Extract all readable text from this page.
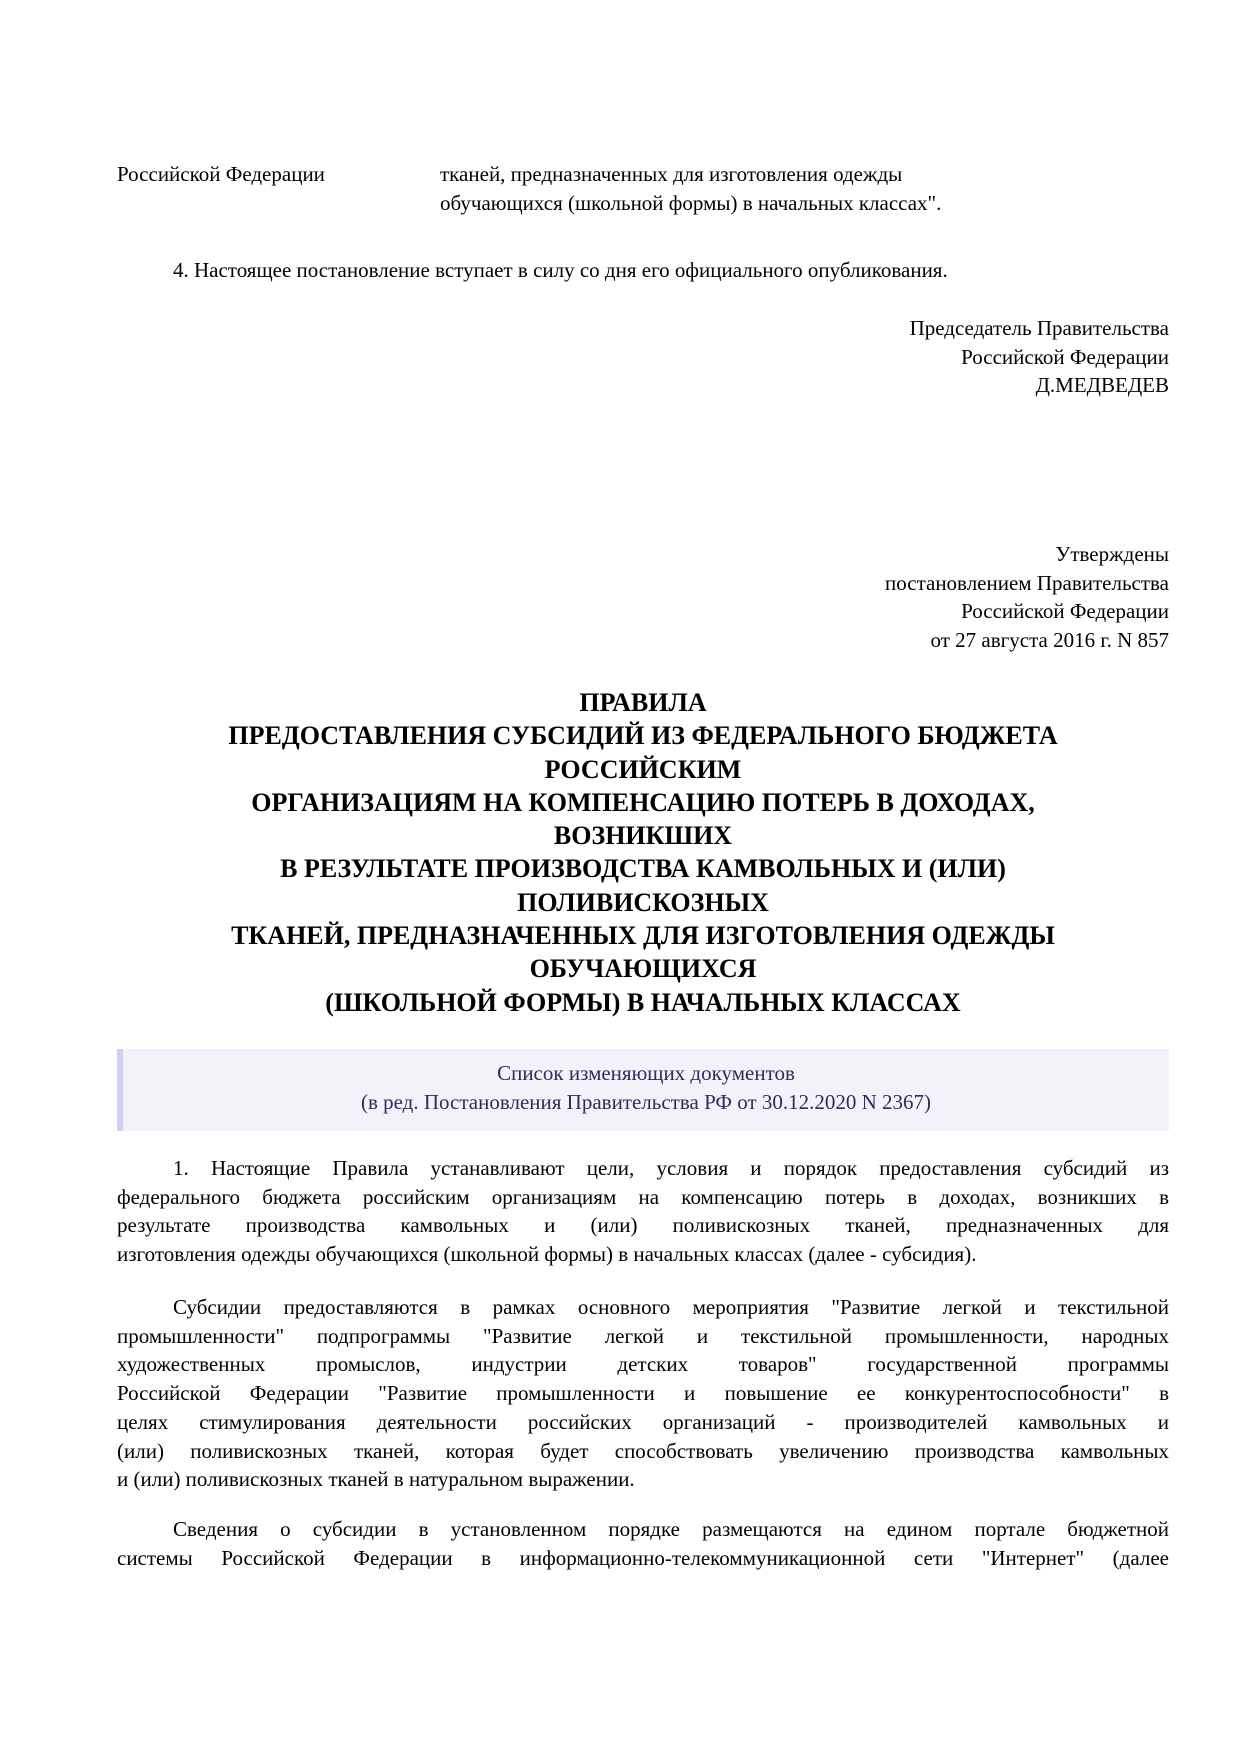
Российской Федерации	тканей, предназначенных для изготовления одежды
обучающихся (школьной формы) в начальных классах".
4. Настоящее постановление вступает в силу со дня его официального опубликования.
Председатель Правительства
Российской Федерации
Д.МЕДВЕДЕВ
Утверждены
постановлением Правительства
Российской Федерации
от 27 августа 2016 г. N 857
ПРАВИЛА
ПРЕДОСТАВЛЕНИЯ СУБСИДИЙ ИЗ ФЕДЕРАЛЬНОГО БЮДЖЕТА
РОССИЙСКИМ
ОРГАНИЗАЦИЯМ НА КОМПЕНСАЦИЮ ПОТЕРЬ В ДОХОДАХ,
ВОЗНИКШИХ
В РЕЗУЛЬТАТЕ ПРОИЗВОДСТВА КАМВОЛЬНЫХ И (ИЛИ)
ПОЛИВИСКОЗНЫХ
ТКАНЕЙ, ПРЕДНАЗНАЧЕННЫХ ДЛЯ ИЗГОТОВЛЕНИЯ ОДЕЖДЫ
ОБУЧАЮЩИХСЯ
(ШКОЛЬНОЙ ФОРМЫ) В НАЧАЛЬНЫХ КЛАССАХ
Список изменяющих документов
(в ред. Постановления Правительства РФ от 30.12.2020 N 2367)
1. Настоящие Правила устанавливают цели, условия и порядок предоставления субсидий из
федерального бюджета российским организациям на компенсацию потерь в доходах, возникших в
результате производства камвольных и (или) поливискозных тканей, предназначенных для
изготовления одежды обучающихся (школьной формы) в начальных классах (далее - субсидия).
Субсидии предоставляются в рамках основного мероприятия "Развитие легкой и текстильной
промышленности" подпрограммы "Развитие легкой и текстильной промышленности, народных
художественных промыслов, индустрии детских товаров" государственной программы
Российской Федерации "Развитие промышленности и повышение ее конкурентоспособности" в
целях стимулирования деятельности российских организаций - производителей камвольных и
(или) поливискозных тканей, которая будет способствовать увеличению производства камвольных
и (или) поливискозных тканей в натуральном выражении.
Сведения о субсидии в установленном порядке размещаются на едином портале бюджетной
системы Российской Федерации в информационно-телекоммуникационной сети "Интернет" (далее
